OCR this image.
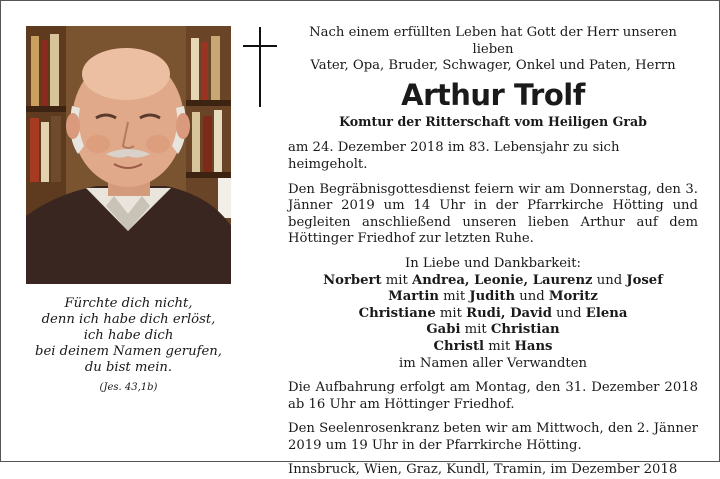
Fürchte dich nicht,
denn ich habe dich erlöst,
ich habe dich
bei deinem Namen gerufen,
du bist mein.
(Jes. 43,1b)
Nach einem erfüllten Leben hat Gott der Herr unseren lieben
Vater, Opa, Bruder, Schwager, Onkel und Paten, Herrn
Arthur Trolf
Komtur der Ritterschaft vom Heiligen Grab
am 24. Dezember 2018 im 83. Lebensjahr zu sich heimgeholt.
Den Begräbnisgottesdienst feiern wir am Donnerstag, den 3. Jänner 2019 um 14 Uhr in der Pfarrkirche Hötting und begleiten anschließend unseren lieben Arthur auf dem Höttinger Friedhof zur letzten Ruhe.
In Liebe und Dankbarkeit:
Norbert mit Andrea, Leonie, Laurenz und Josef
Martin mit Judith und Moritz
Christiane mit Rudi, David und Elena
Gabi mit Christian
Christl mit Hans
im Namen aller Verwandten
Die Aufbahrung erfolgt am Montag, den 31. Dezember 2018 ab 16 Uhr am Höttinger Friedhof.
Den Seelenrosenkranz beten wir am Mittwoch, den 2. Jänner 2019 um 19 Uhr in der Pfarrkirche Hötting.
Innsbruck, Wien, Graz, Kundl, Tramin, im Dezember 2018
